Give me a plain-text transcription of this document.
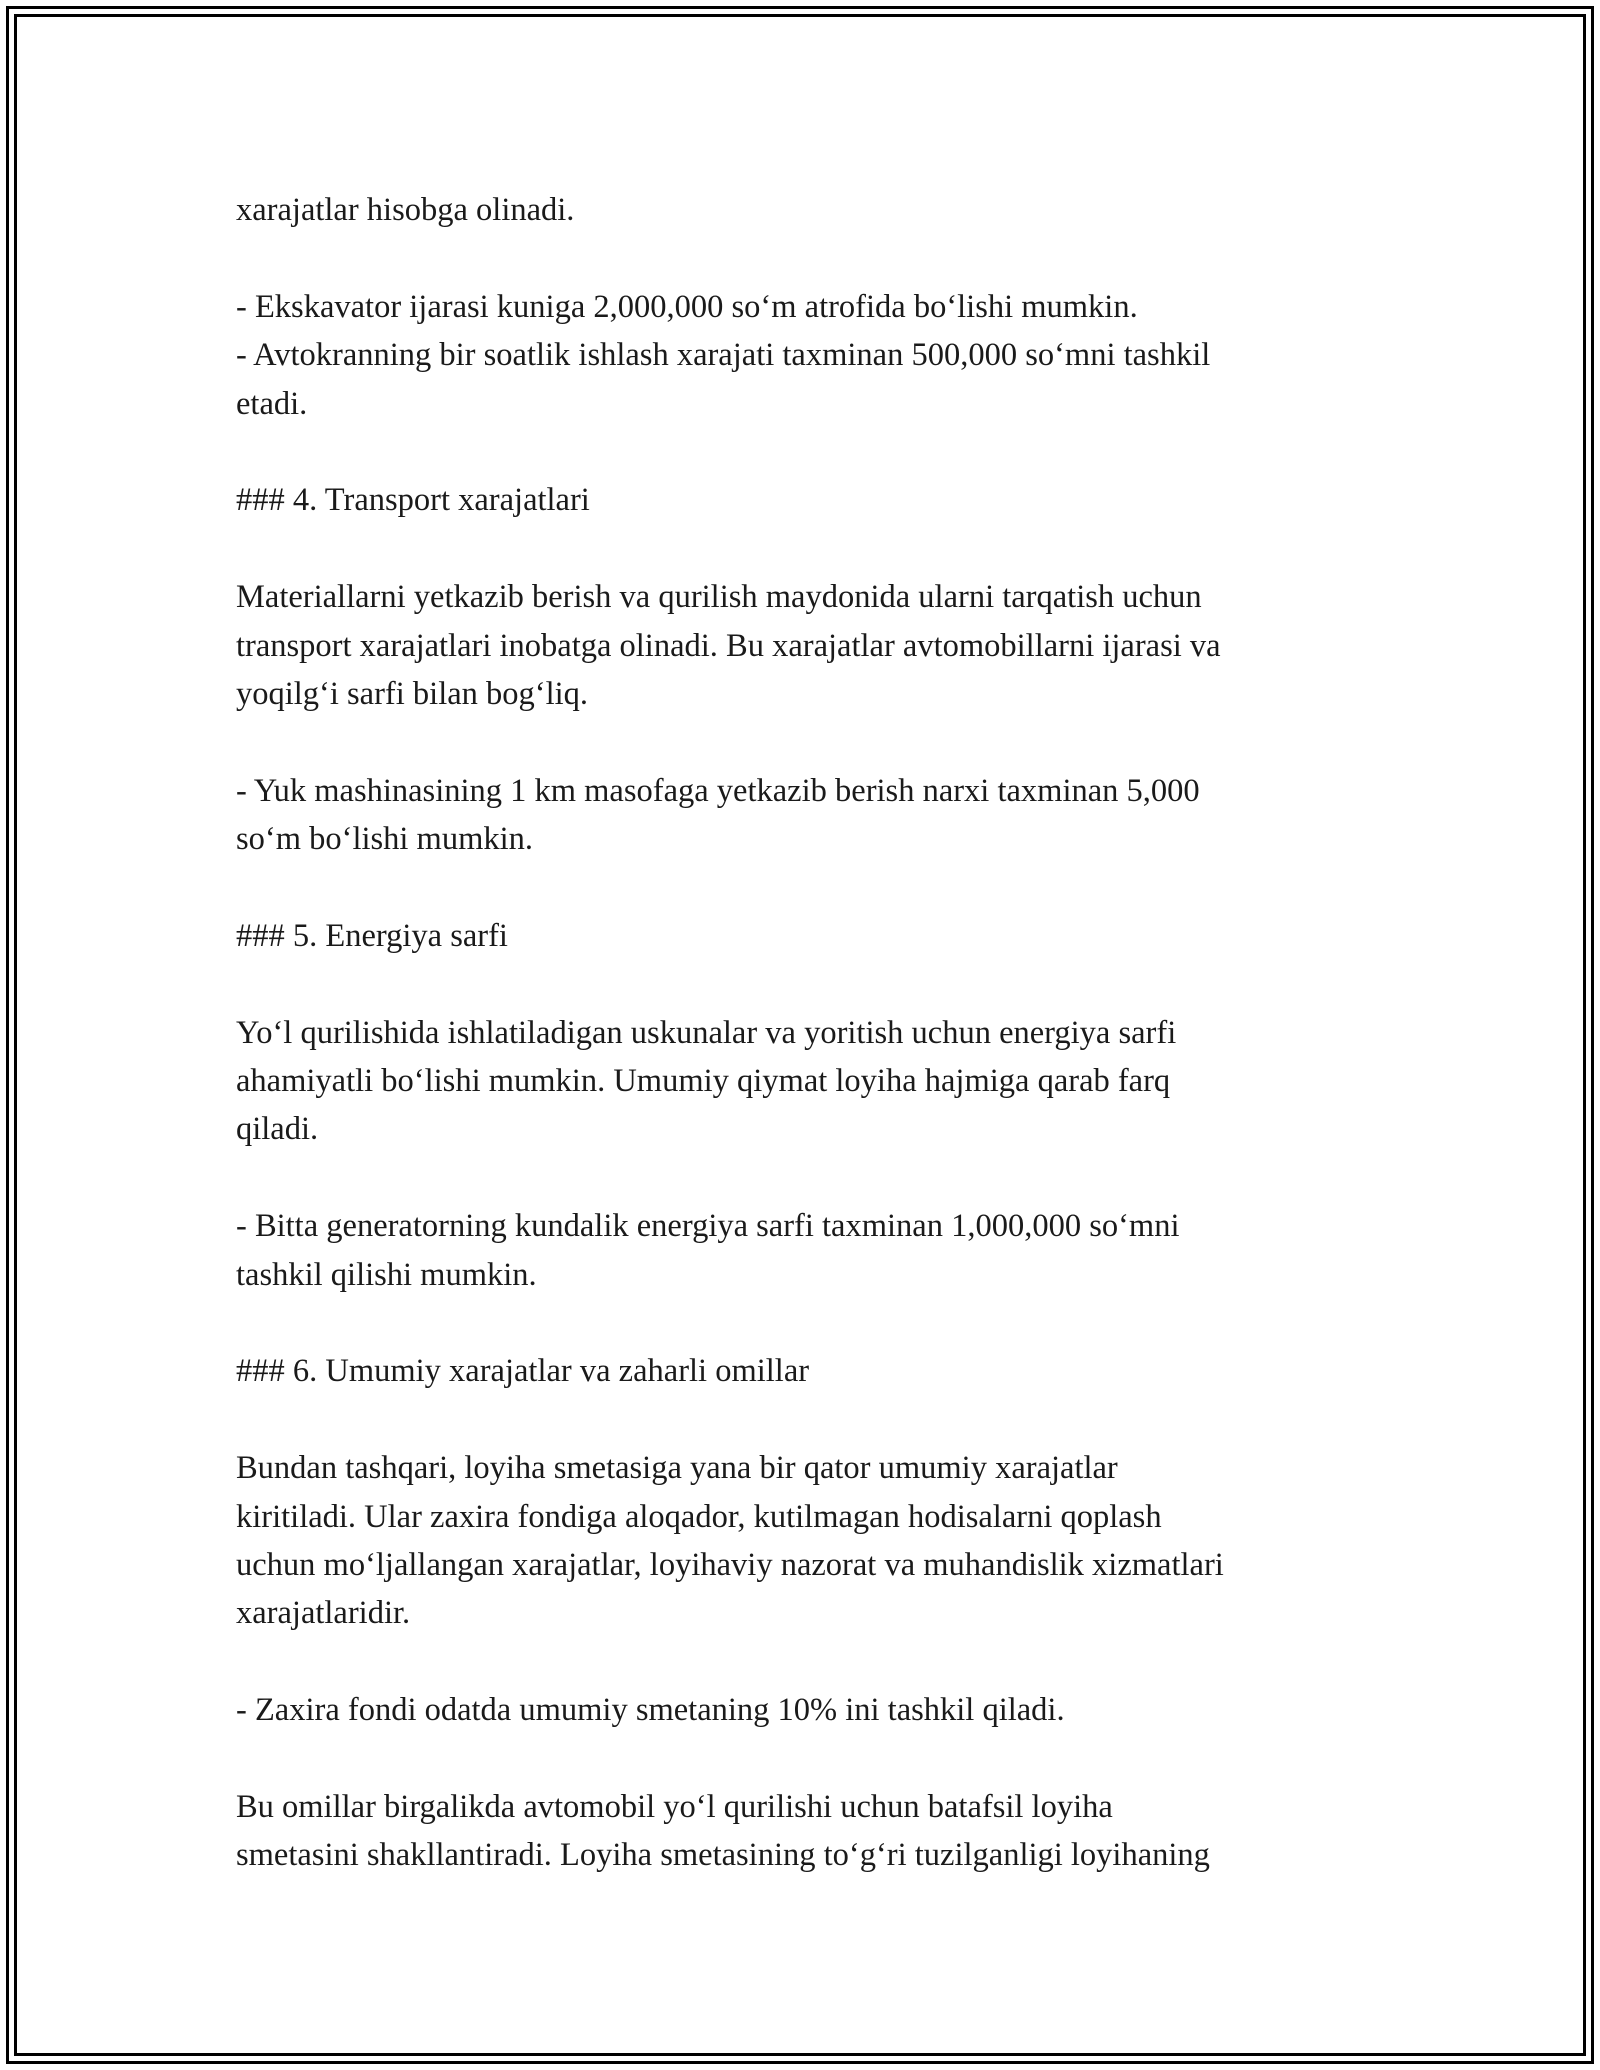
xarajatlar hisobga olinadi.
- Ekskavator ijarasi kuniga 2,000,000 so‘m atrofida bo‘lishi mumkin.
- Avtokranning bir soatlik ishlash xarajati taxminan 500,000 so‘mni tashkil
etadi.
### 4. Transport xarajatlari
Materiallarni yetkazib berish va qurilish maydonida ularni tarqatish uchun
transport xarajatlari inobatga olinadi. Bu xarajatlar avtomobillarni ijarasi va
yoqilg‘i sarfi bilan bog‘liq.
- Yuk mashinasining 1 km masofaga yetkazib berish narxi taxminan 5,000
so‘m bo‘lishi mumkin.
### 5. Energiya sarfi
Yo‘l qurilishida ishlatiladigan uskunalar va yoritish uchun energiya sarfi
ahamiyatli bo‘lishi mumkin. Umumiy qiymat loyiha hajmiga qarab farq
qiladi.
- Bitta generatorning kundalik energiya sarfi taxminan 1,000,000 so‘mni
tashkil qilishi mumkin.
### 6. Umumiy xarajatlar va zaharli omillar
Bundan tashqari, loyiha smetasiga yana bir qator umumiy xarajatlar
kiritiladi. Ular zaxira fondiga aloqador, kutilmagan hodisalarni qoplash
uchun mo‘ljallangan xarajatlar, loyihaviy nazorat va muhandislik xizmatlari
xarajatlaridir.
- Zaxira fondi odatda umumiy smetaning 10% ini tashkil qiladi.
Bu omillar birgalikda avtomobil yo‘l qurilishi uchun batafsil loyiha
smetasini shakllantiradi. Loyiha smetasining to‘g‘ri tuzilganligi loyihaning
